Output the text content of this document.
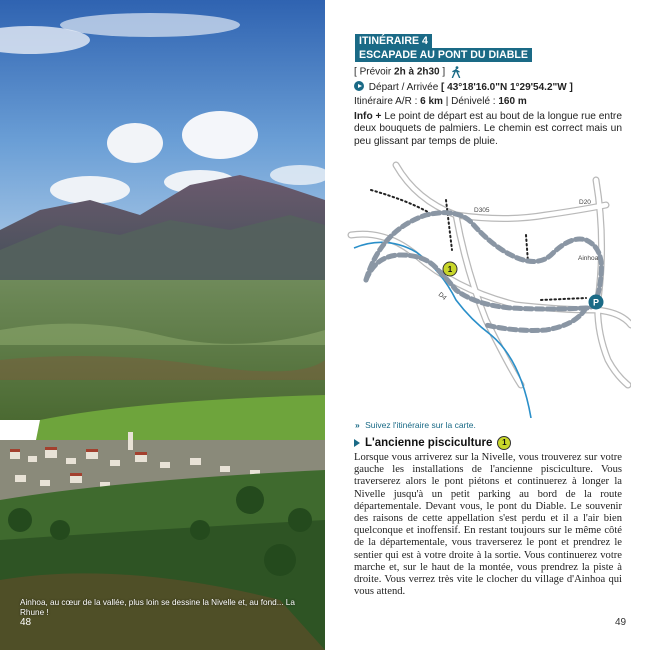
Ainhoa, au cœur de la vallée, plus loin se dessine la Nivelle et, au fond... La Rhune !
48
ITINÉRAIRE 4
ESCAPADE AU PONT DU DIABLE
[ Prévoir 2h à 2h30 ]
Départ / Arrivée [ 43°18'16.0"N 1°29'54.2"W ]
Itinéraire A/R : 6 km | Dénivelé : 160 m
Info + Le point de départ est au bout de la longue rue entre deux bouquets de palmiers. Le chemin est correct mais un peu glissant par temps de pluie.
» Suivez l'itinéraire sur la carte.
L'ancienne pisciculture	1
Lorsque vous arriverez sur la Nivelle, vous trouverez sur votre gauche les installations de l'ancienne pisciculture. Vous traverserez alors le pont piétons et continuerez à longer la Nivelle jusqu'à un petit parking au bord de la route départementale. Devant vous, le pont du Diable. Le souvenir des raisons de cette appellation s'est perdu et il a l'air bien quelconque et inoffensif. En restant toujours sur le même côté de la départementale, vous traverserez le pont et prendrez le sentier qui est à votre droite à la sortie. Vous continuerez votre marche et, sur le haut de la montée, vous prendrez la piste à droite. Vous verrez très vite le clocher du village d'Ainhoa qui vous attend.
49
D305
D20
D4
Ainhoa
1
P
